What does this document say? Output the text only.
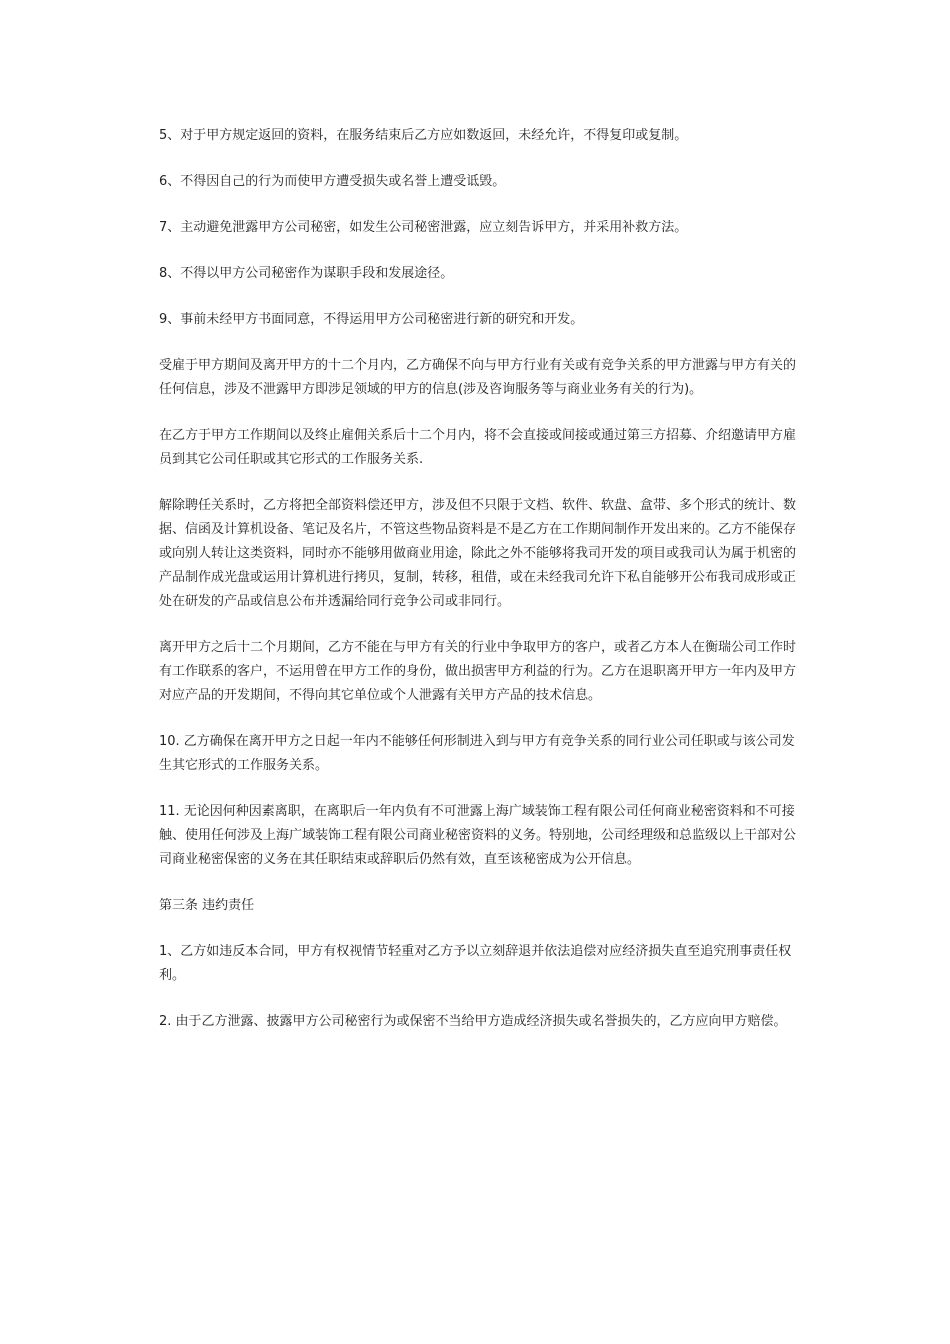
5、对于甲方规定返回的资料，在服务结束后乙方应如数返回，未经允许，不得复印或复制。

6、不得因自己的行为而使甲方遭受损失或名誉上遭受诋毁。

7、主动避免泄露甲方公司秘密，如发生公司秘密泄露，应立刻告诉甲方，并采用补救方法。

8、不得以甲方公司秘密作为谋职手段和发展途径。

9、事前未经甲方书面同意，不得运用甲方公司秘密进行新的研究和开发。

受雇于甲方期间及离开甲方的十二个月内，乙方确保不向与甲方行业有关或有竞争关系的甲方泄露与甲方有关的任何信息，涉及不泄露甲方即涉足领域的甲方的信息(涉及咨询服务等与商业业务有关的行为)。

在乙方于甲方工作期间以及终止雇佣关系后十二个月内，将不会直接或间接或通过第三方招募、介绍邀请甲方雇员到其它公司任职或其它形式的工作服务关系.

解除聘任关系时，乙方将把全部资料偿还甲方，涉及但不只限于文档、软件、软盘、盒带、多个形式的统计、数据、信函及计算机设备、笔记及名片，不管这些物品资料是不是乙方在工作期间制作开发出来的。乙方不能保存或向别人转让这类资料，同时亦不能够用做商业用途，除此之外不能够将我司开发的项目或我司认为属于机密的产品制作成光盘或运用计算机进行拷贝，复制，转移，租借，或在未经我司允许下私自能够开公布我司成形或正处在研发的产品或信息公布并透漏给同行竞争公司或非同行。

离开甲方之后十二个月期间，乙方不能在与甲方有关的行业中争取甲方的客户，或者乙方本人在衡瑞公司工作时有工作联系的客户，不运用曾在甲方工作的身份，做出损害甲方利益的行为。乙方在退职离开甲方一年内及甲方对应产品的开发期间，不得向其它单位或个人泄露有关甲方产品的技术信息。

10. 乙方确保在离开甲方之日起一年内不能够任何形制进入到与甲方有竞争关系的同行业公司任职或与该公司发生其它形式的工作服务关系。

11. 无论因何种因素离职，在离职后一年内负有不可泄露上海广域装饰工程有限公司任何商业秘密资料和不可接触、使用任何涉及上海广域装饰工程有限公司商业秘密资料的义务。特别地，公司经理级和总监级以上干部对公司商业秘密保密的义务在其任职结束或辞职后仍然有效，直至该秘密成为公开信息。

第三条 违约责任

1、乙方如违反本合同，甲方有权视情节轻重对乙方予以立刻辞退并依法追偿对应经济损失直至追究刑事责任权利。

2. 由于乙方泄露、披露甲方公司秘密行为或保密不当给甲方造成经济损失或名誉损失的，乙方应向甲方赔偿。
